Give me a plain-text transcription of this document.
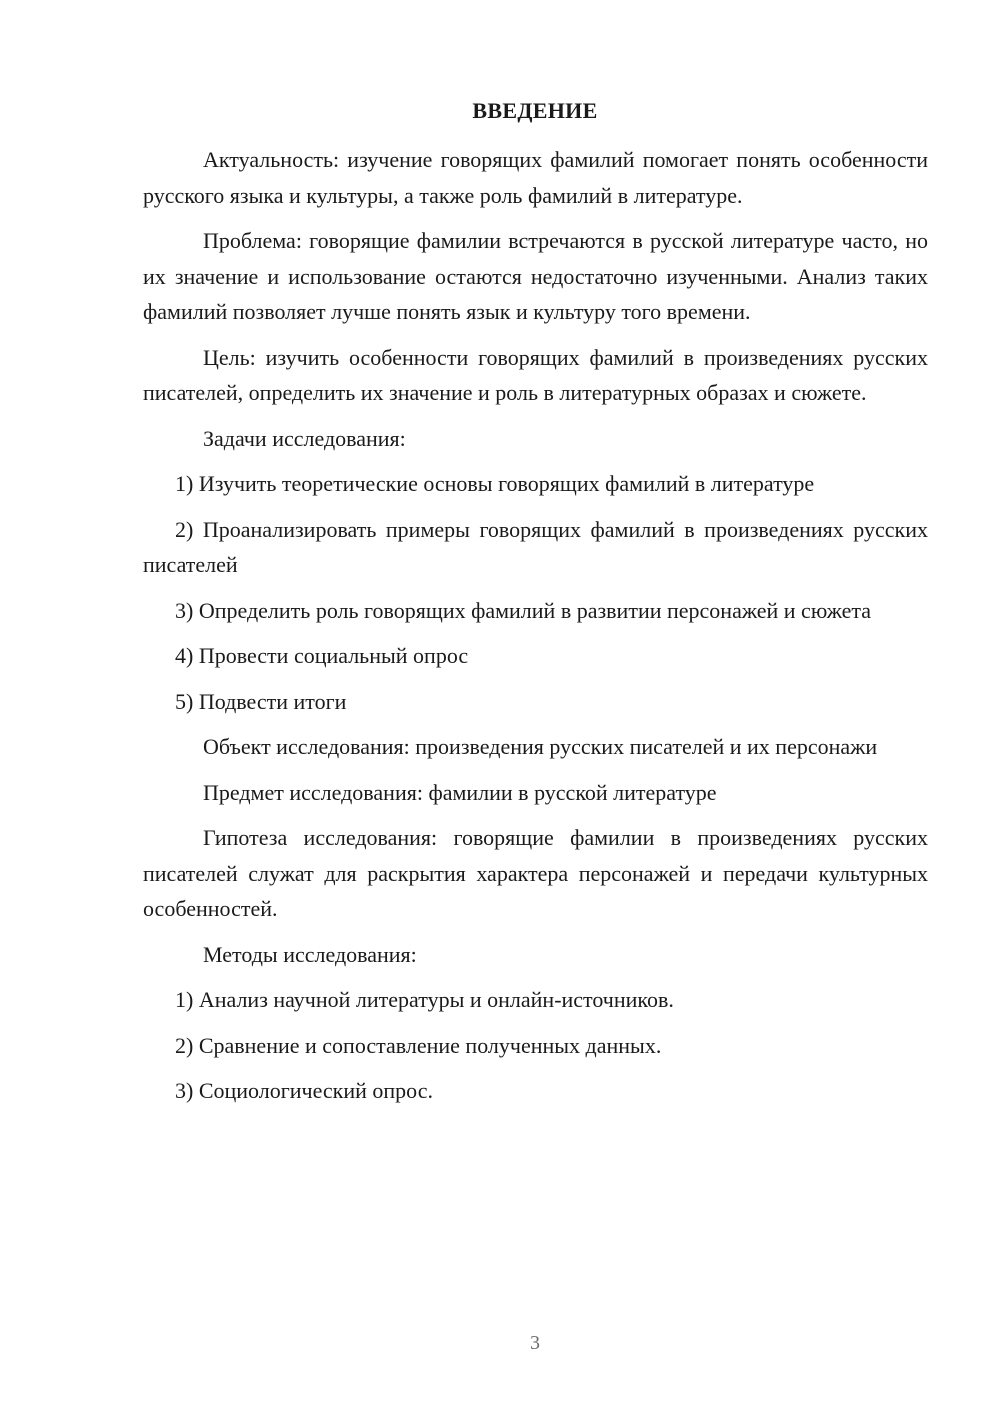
ВВЕДЕНИЕ

Актуальность: изучение говорящих фамилий помогает понять особенности русского языка и культуры, а также роль фамилий в литературе.

Проблема: говорящие фамилии встречаются в русской литературе часто, но их значение и использование остаются недостаточно изученными. Анализ таких фамилий позволяет лучше понять язык и культуру того времени.

Цель: изучить особенности говорящих фамилий в произведениях русских писателей, определить их значение и роль в литературных образах и сюжете.

Задачи исследования:

1) Изучить теоретические основы говорящих фамилий в литературе

2) Проанализировать примеры говорящих фамилий в произведениях русских писателей

3) Определить роль говорящих фамилий в развитии персонажей и сюжета

4) Провести социальный опрос

5) Подвести итоги

Объект исследования: произведения русских писателей и их персонажи

Предмет исследования: фамилии в русской литературе

Гипотеза исследования: говорящие фамилии в произведениях русских писателей служат для раскрытия характера персонажей и передачи культурных особенностей.

Методы исследования:

1) Анализ научной литературы и онлайн-источников.

2) Сравнение и сопоставление полученных данных.

3) Социологический опрос.

3
